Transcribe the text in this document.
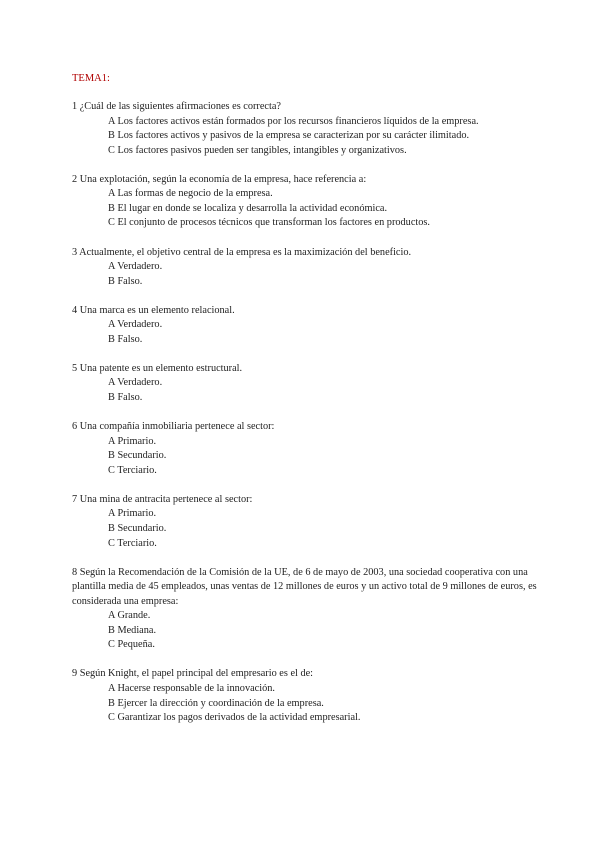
TEMA1:

1 ¿Cuál de las siguientes afirmaciones es correcta?

A Los factores activos están formados por los recursos financieros líquidos de la empresa.

B Los factores activos y pasivos de la empresa se caracterizan por su carácter ilimitado.

C Los factores pasivos pueden ser tangibles, intangibles y organizativos.

2 Una explotación, según la economía de la empresa, hace referencia a:

A Las formas de negocio de la empresa.

B El lugar en donde se localiza y desarrolla la actividad económica.

C El conjunto de procesos técnicos que transforman los factores en productos.

3 Actualmente, el objetivo central de la empresa es la maximización del beneficio.

A Verdadero.

B Falso.

4 Una marca es un elemento relacional.

A Verdadero.

B Falso.

5 Una patente es un elemento estructural.

A Verdadero.

B Falso.

6 Una compañía inmobiliaria pertenece al sector:

A Primario.

B Secundario.

C Terciario.

7 Una mina de antracita pertenece al sector:

A Primario.

B Secundario.

C Terciario.

8 Según la Recomendación de la Comisión de la UE, de 6 de mayo de 2003, una sociedad cooperativa con una plantilla media de 45 empleados, unas ventas de 12 millones de euros y un activo total de 9 millones de euros, es considerada una empresa:

A Grande.

B Mediana.

C Pequeña.

9 Según Knight, el papel principal del empresario es el de:

A Hacerse responsable de la innovación.

B Ejercer la dirección y coordinación de la empresa.

C Garantizar los pagos derivados de la actividad empresarial.
